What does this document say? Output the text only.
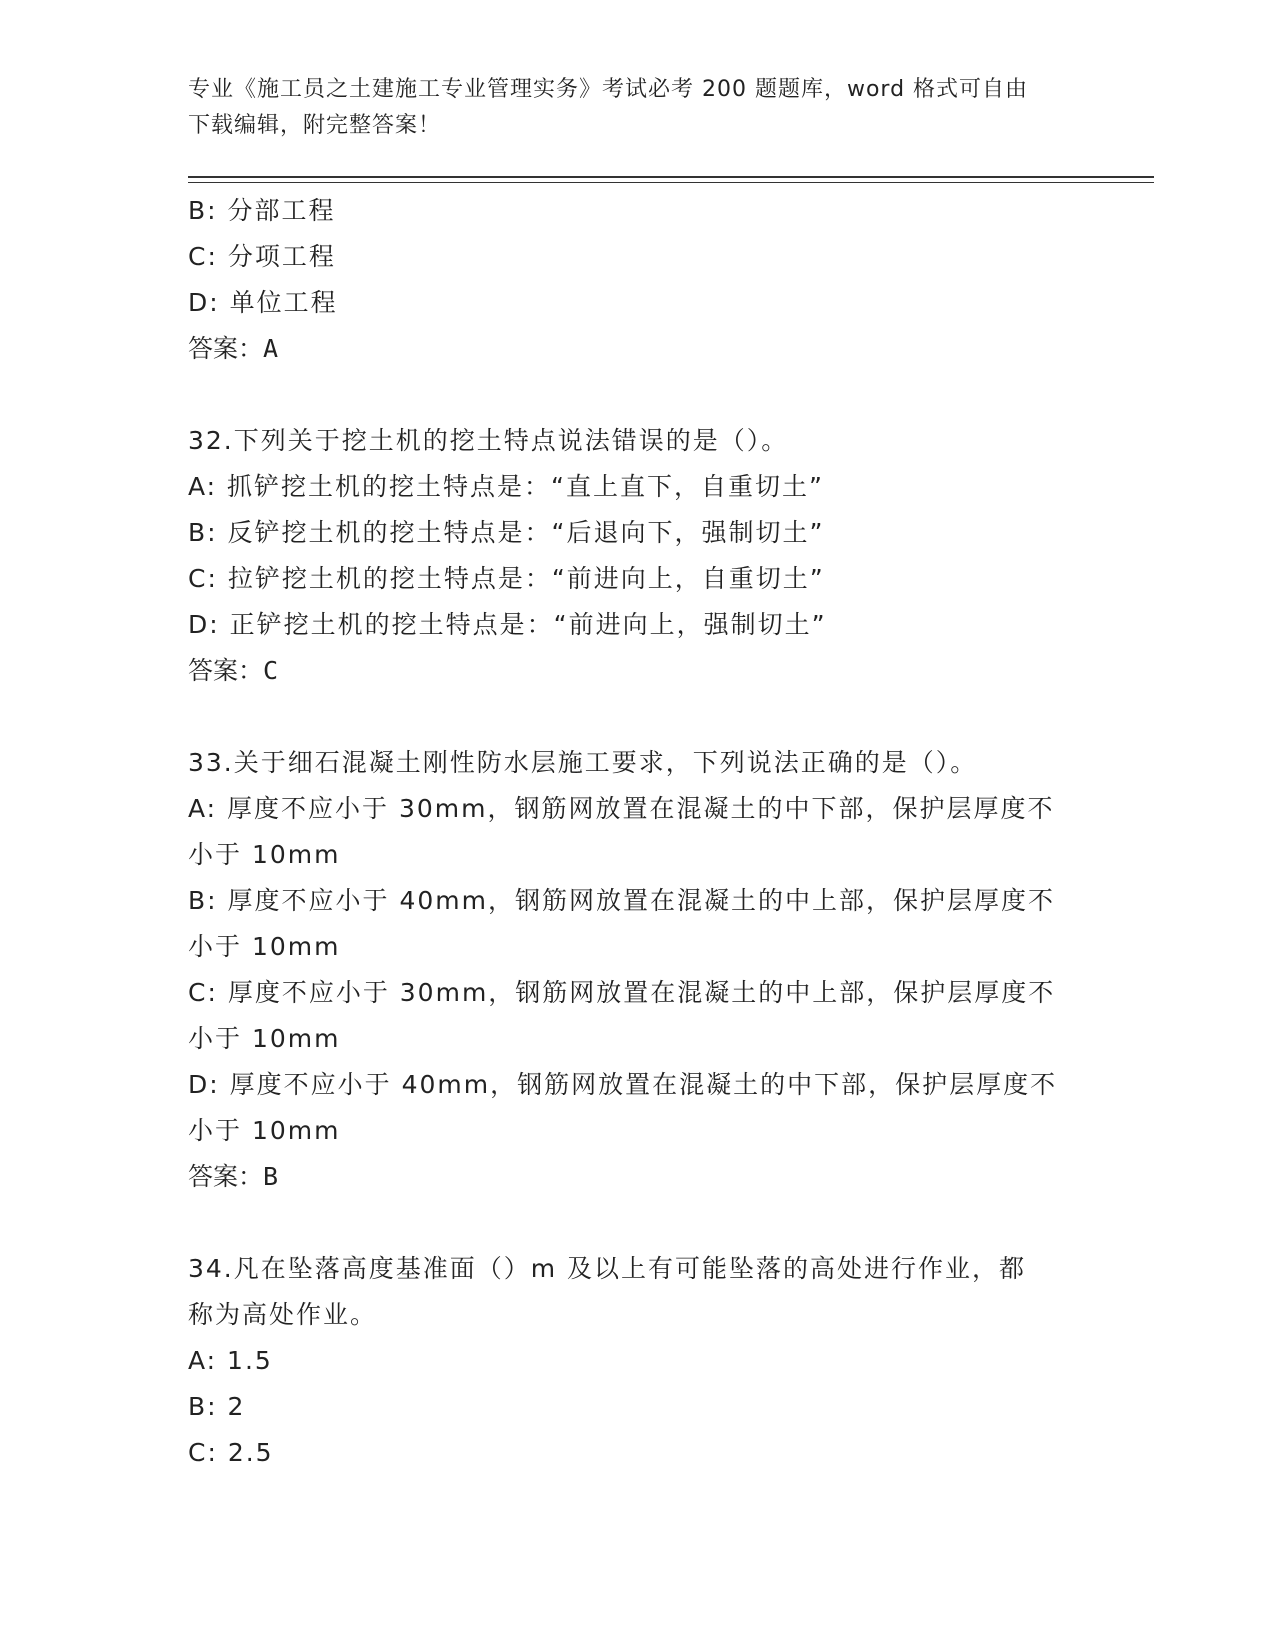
专业《施工员之土建施工专业管理实务》考试必考 200 题题库，word 格式可自由
下载编辑，附完整答案！
B: 分部工程
C: 分项工程
D: 单位工程
答案：A
32.下列关于挖土机的挖土特点说法错误的是（）。
A: 抓铲挖土机的挖土特点是：“直上直下，自重切土”
B: 反铲挖土机的挖土特点是：“后退向下，强制切土”
C: 拉铲挖土机的挖土特点是：“前进向上，自重切土”
D: 正铲挖土机的挖土特点是：“前进向上，强制切土”
答案：C
33.关于细石混凝土刚性防水层施工要求，下列说法正确的是（）。
A: 厚度不应小于 30mm，钢筋网放置在混凝土的中下部，保护层厚度不
小于 10mm
B: 厚度不应小于 40mm，钢筋网放置在混凝土的中上部，保护层厚度不
小于 10mm
C: 厚度不应小于 30mm，钢筋网放置在混凝土的中上部，保护层厚度不
小于 10mm
D: 厚度不应小于 40mm，钢筋网放置在混凝土的中下部，保护层厚度不
小于 10mm
答案：B
34.凡在坠落高度基准面（）m 及以上有可能坠落的高处进行作业，都
称为高处作业。
A: 1.5
B: 2
C: 2.5
